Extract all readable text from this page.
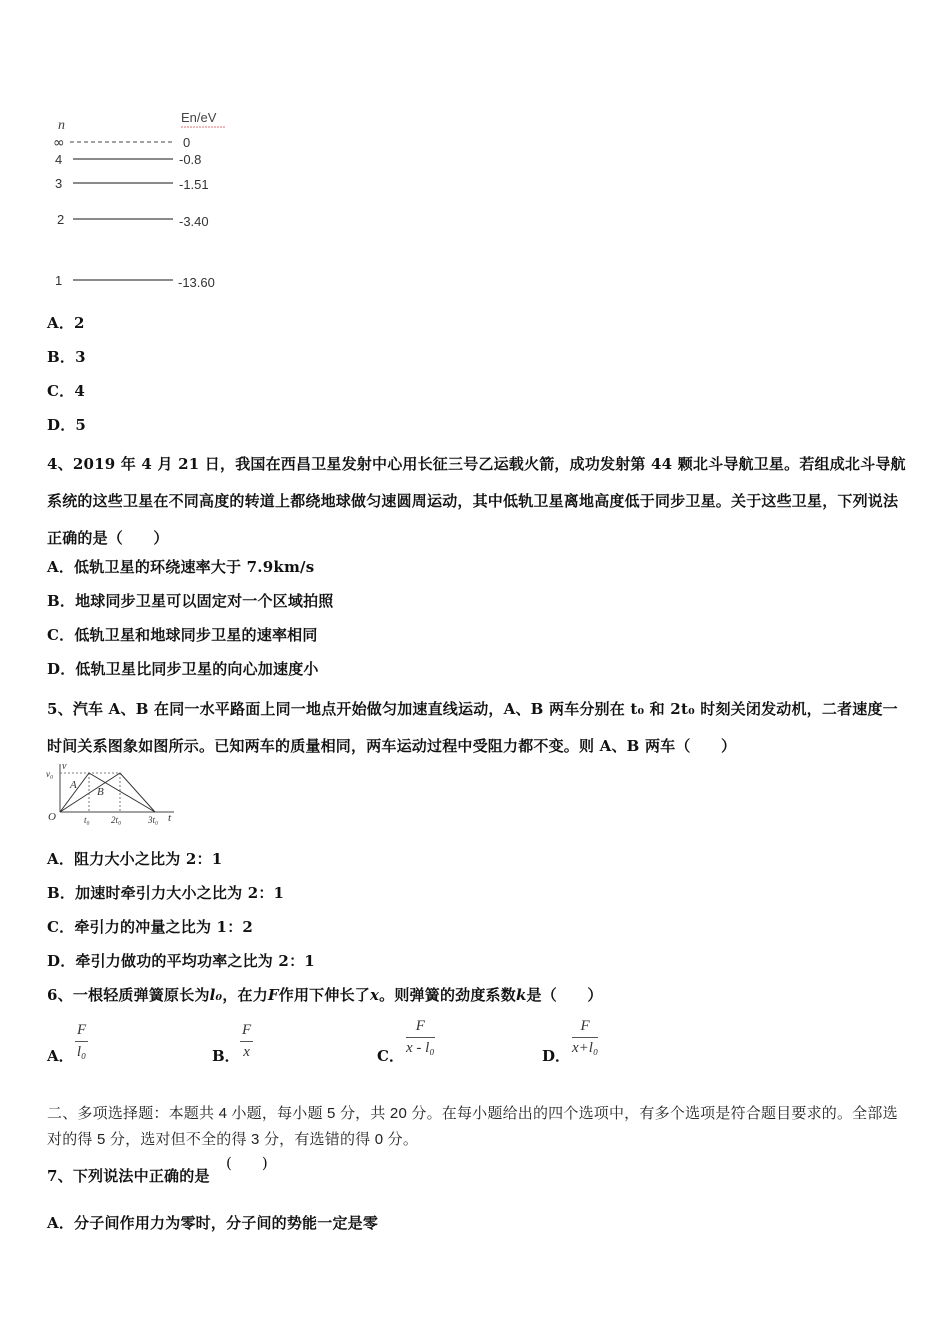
n
En/eV
∞	0
4	-0.8
3	-1.51
2	-3.40
1	-13.60
A．2
B．3
C．4
D．5
4、2019 年 4 月 21 日，我国在西昌卫星发射中心用长征三号乙运载火箭，成功发射第 44 颗北斗导航卫星。若组成北斗导航系统的这些卫星在不同高度的转道上都绕地球做匀速圆周运动，其中低轨卫星离地高度低于同步卫星。关于这些卫星，下列说法正确的是（　　）
A．低轨卫星的环绕速率大于 7.9km/s
B．地球同步卫星可以固定对一个区域拍照
C．低轨卫星和地球同步卫星的速率相同
D．低轨卫星比同步卫星的向心加速度小
5、汽车 A、B 在同一水平路面上同一地点开始做匀加速直线运动，A、B 两车分别在 t₀ 和 2t₀ 时刻关闭发动机，二者速度一时间关系图象如图所示。已知两车的质量相同，两车运动过程中受阻力都不变。则 A、B 两车（　　）
v
t
v₀
O
A
B
t₀ 2t₀	3t₀
A．阻力大小之比为 2：1
B．加速时牵引力大小之比为 2：1
C．牵引力的冲量之比为 1：2
D．牵引力做功的平均功率之比为 2：1
6、一根轻质弹簧原长为l₀，在力F作用下伸长了x。则弹簧的劲度系数k是（　　）
A． $\frac{F}{\text{l₀}}$	B． $\frac{F}{x}$	C． $\frac{F}{\text{x - l₀}}$	D． $\frac{F}{\text{x+l₀}}$
二、多项选择题：本题共 4 小题，每小题 5 分，共 20 分。在每小题给出的四个选项中，有多个选项是符合题目要求的。全部选对的得 5 分，选对但不全的得 3 分，有选错的得 0 分。
7、下列说法中正确的是
(　　)
A．分子间作用力为零时，分子间的势能一定是零
